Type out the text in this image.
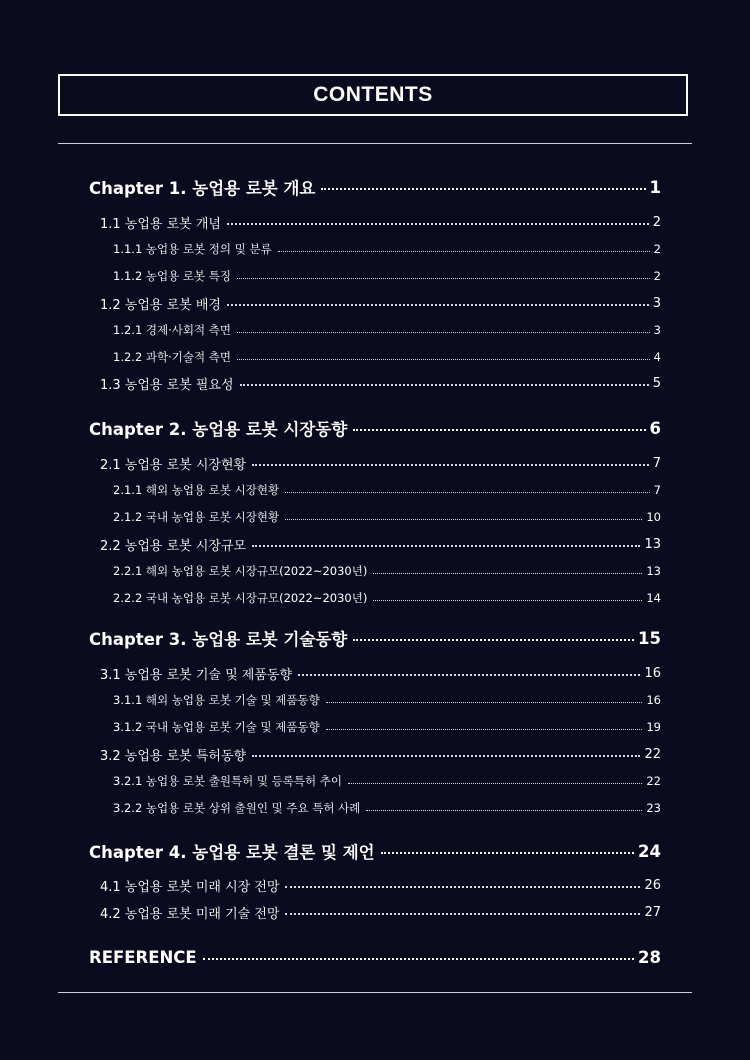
CONTENTS
Chapter 1. 농업용 로봇 개요	1
1.1 농업용 로봇 개념	2
1.1.1 농업용 로봇 정의 및 분류	2
1.1.2 농업용 로봇 특징	2
1.2 농업용 로봇 배경	3
1.2.1 경제·사회적 측면	3
1.2.2 과학·기술적 측면	4
1.3 농업용 로봇 필요성	5
Chapter 2. 농업용 로봇 시장동향	6
2.1 농업용 로봇 시장현황	7
2.1.1 해외 농업용 로봇 시장현황	7
2.1.2 국내 농업용 로봇 시장현황	10
2.2 농업용 로봇 시장규모	13
2.2.1 해외 농업용 로봇 시장규모(2022~2030년)	13
2.2.2 국내 농업용 로봇 시장규모(2022~2030년)	14
Chapter 3. 농업용 로봇 기술동향	15
3.1 농업용 로봇 기술 및 제품동향	16
3.1.1 해외 농업용 로봇 기술 및 제품동향	16
3.1.2 국내 농업용 로봇 기술 및 제품동향	19
3.2 농업용 로봇 특허동향	22
3.2.1 농업용 로봇 출원특허 및 등록특허 추이	22
3.2.2 농업용 로봇 상위 출원인 및 주요 특허 사례	23
Chapter 4. 농업용 로봇 결론 및 제언	24
4.1 농업용 로봇 미래 시장 전망	26
4.2 농업용 로봇 미래 기술 전망	27
REFERENCE	28
